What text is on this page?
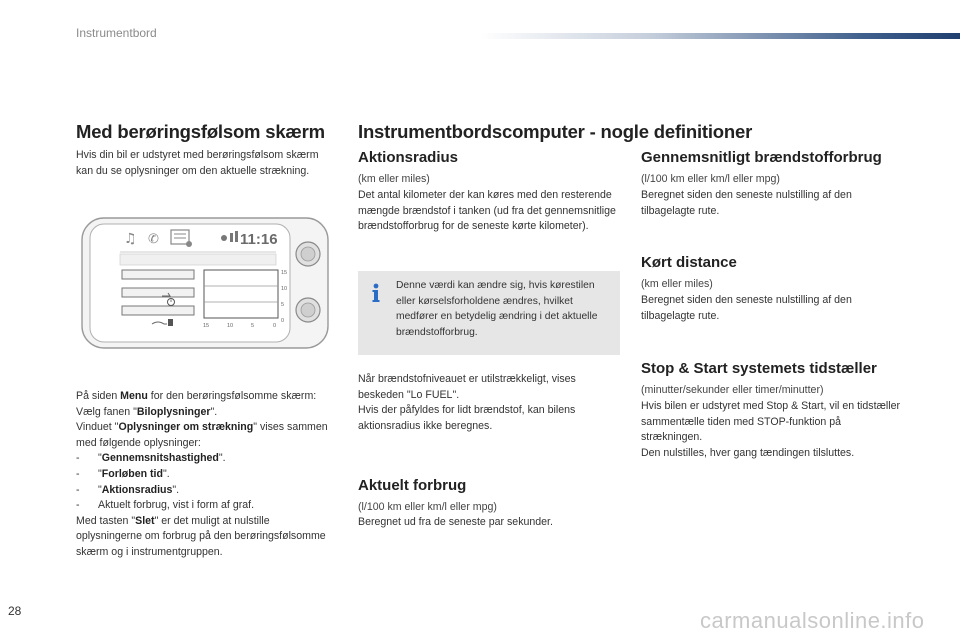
Instrumentbord
Med berøringsfølsom skærm

Hvis din bil er udstyret med berøringsfølsom skærm kan du se oplysninger om den aktuelle strækning.

♫ ✆	11:16
15
10
5
0
15	10	5	0

På siden Menu for den berøringsfølsomme skærm:

Vælg fanen "Biloplysninger".

Vinduet "Oplysninger om strækning" vises sammen med følgende oplysninger:

- "Gennemsnitshastighed".
- "Forløben tid".
- "Aktionsradius".
- Aktuelt forbrug, vist i form af graf.

Med tasten "Slet" er det muligt at nulstille oplysningerne om forbrug på den berøringsfølsomme skærm og i instrumentgruppen.

Instrumentbordscomputer - nogle definitioner
Aktionsradius

(km eller miles)

Det antal kilometer der kan køres med den resterende mængde brændstof i tanken (ud fra det gennemsnitlige brændstofforbrug for de seneste kørte kilometer).

Denne værdi kan ændre sig, hvis kørestilen eller kørselsforholdene ændres, hvilket medfører en betydelig ændring i det aktuelle brændstofforbrug.

Når brændstofniveauet er utilstrækkeligt, vises beskeden "Lo FUEL".

Hvis der påfyldes for lidt brændstof, kan bilens aktionsradius ikke beregnes.

Aktuelt forbrug

(l/100 km eller km/l eller mpg)

Beregnet ud fra de seneste par sekunder.

Gennemsnitligt brændstofforbrug

(l/100 km eller km/l eller mpg)

Beregnet siden den seneste nulstilling af den tilbagelagte rute.

Kørt distance

(km eller miles)

Beregnet siden den seneste nulstilling af den tilbagelagte rute.

Stop & Start systemets tidstæller

(minutter/sekunder eller timer/minutter)

Hvis bilen er udstyret med Stop & Start, vil en tidstæller sammentælle tiden med STOP-funktion på strækningen.

Den nulstilles, hver gang tændingen tilsluttes.

28	carmanualsonline.info
